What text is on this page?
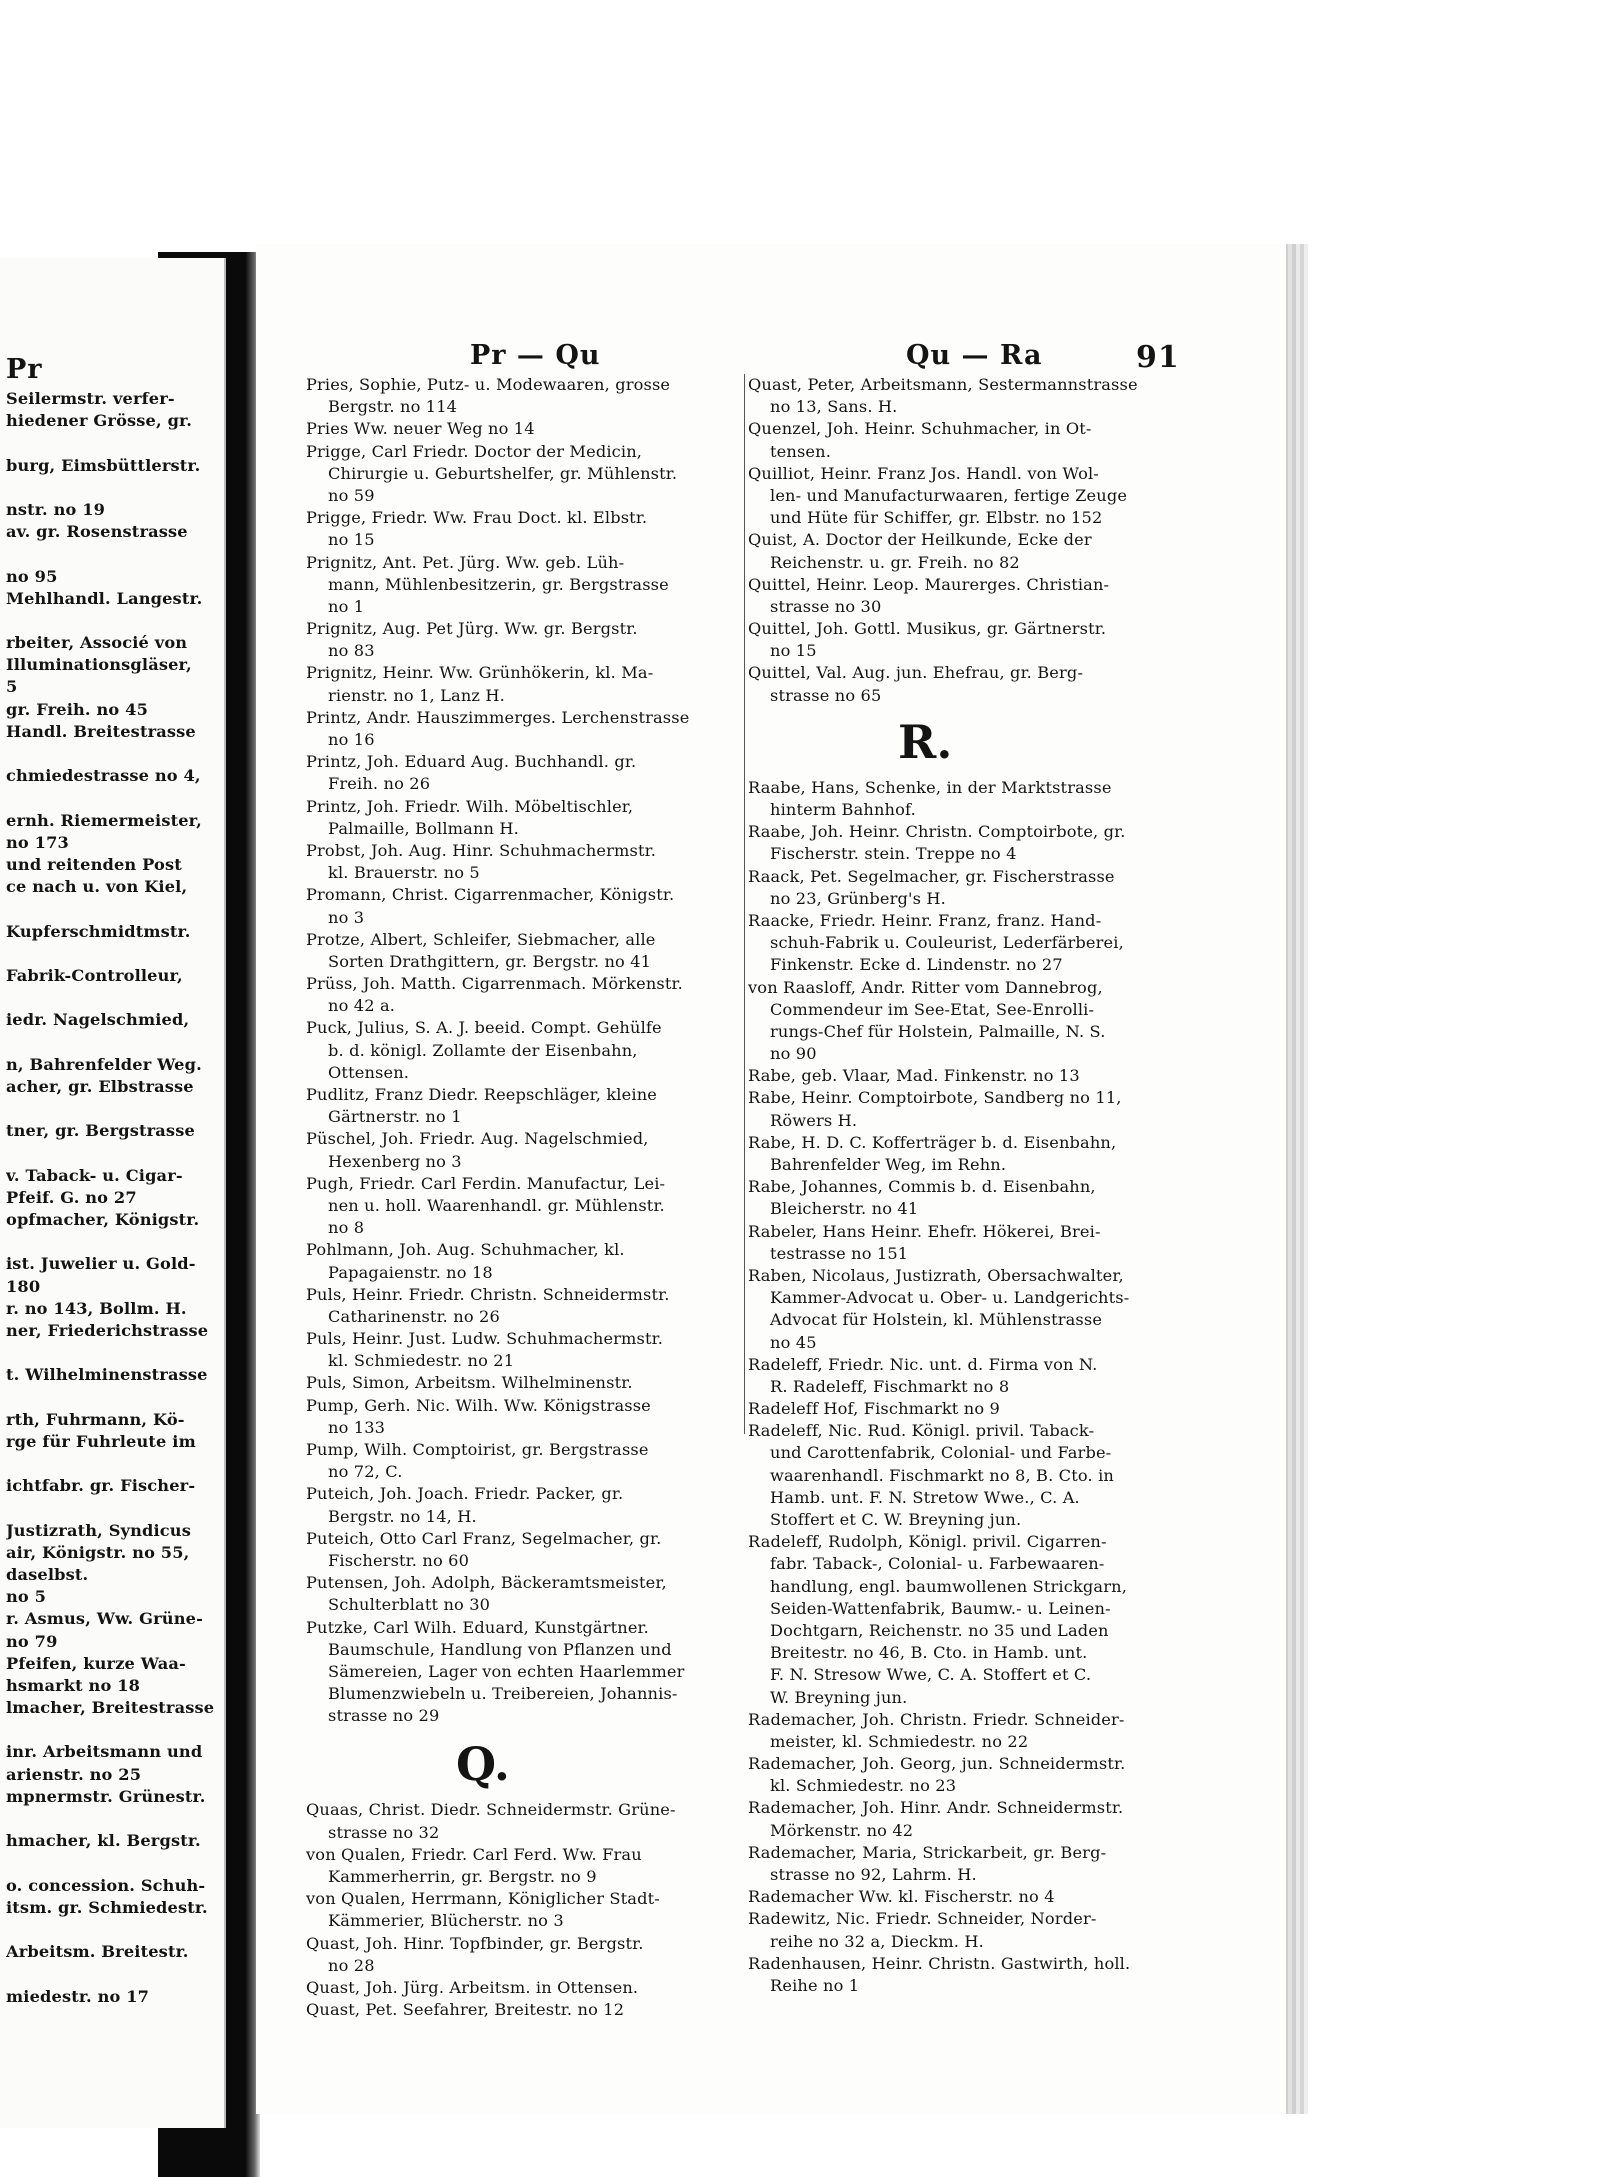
Pr
Seilermstr. verfer-
hiedener Grösse, gr.

burg, Eimsbüttlerstr.

nstr. no 19
av. gr. Rosenstrasse

no 95
Mehlhandl. Langestr.

rbeiter, Associé von
Illuminationsgläser,
5
gr. Freih. no 45
Handl. Breitestrasse

chmiedestrasse no 4,

ernh. Riemermeister,
no 173
und reitenden Post
ce nach u. von Kiel,

Kupferschmidtmstr.

Fabrik-Controlleur,

iedr. Nagelschmied,

n, Bahrenfelder Weg.
acher, gr. Elbstrasse

tner, gr. Bergstrasse

v. Taback- u. Cigar-
Pfeif. G. no 27
opfmacher, Königstr.

ist. Juwelier u. Gold-
180
r. no 143, Bollm. H.
ner, Friederichstrasse

t. Wilhelminenstrasse

rth, Fuhrmann, Kö-
rge für Fuhrleute im

ichtfabr. gr. Fischer-

Justizrath, Syndicus
air, Königstr. no 55,
daselbst.
no 5
r. Asmus, Ww. Grüne-
no 79
Pfeifen, kurze Waa-
hsmarkt no 18
lmacher, Breitestrasse

inr. Arbeitsmann und
arienstr. no 25
mpnermstr. Grünestr.

hmacher, kl. Bergstr.

o. concession. Schuh-
itsm. gr. Schmiedestr.

Arbeitsm. Breitestr.

miedestr. no 17
Pr — Qu	Qu — Ra	91
Pries, Sophie, Putz- u. Modewaaren, grosse
Bergstr. no 114
Pries Ww. neuer Weg no 14
Prigge, Carl Friedr. Doctor der Medicin,
Chirurgie u. Geburtshelfer, gr. Mühlenstr.
no 59
Prigge, Friedr. Ww. Frau Doct. kl. Elbstr.
no 15
Prignitz, Ant. Pet. Jürg. Ww. geb. Lüh-
mann, Mühlenbesitzerin, gr. Bergstrasse
no 1
Prignitz, Aug. Pet Jürg. Ww. gr. Bergstr.
no 83
Prignitz, Heinr. Ww. Grünhökerin, kl. Ma-
rienstr. no 1, Lanz H.
Printz, Andr. Hauszimmerges. Lerchenstrasse
no 16
Printz, Joh. Eduard Aug. Buchhandl. gr.
Freih. no 26
Printz, Joh. Friedr. Wilh. Möbeltischler,
Palmaille, Bollmann H.
Probst, Joh. Aug. Hinr. Schuhmachermstr.
kl. Brauerstr. no 5
Promann, Christ. Cigarrenmacher, Königstr.
no 3
Protze, Albert, Schleifer, Siebmacher, alle
Sorten Drathgittern, gr. Bergstr. no 41
Prüss, Joh. Matth. Cigarrenmach. Mörkenstr.
no 42 a.
Puck, Julius, S. A. J. beeid. Compt. Gehülfe
b. d. königl. Zollamte der Eisenbahn,
Ottensen.
Pudlitz, Franz Diedr. Reepschläger, kleine
Gärtnerstr. no 1
Püschel, Joh. Friedr. Aug. Nagelschmied,
Hexenberg no 3
Pugh, Friedr. Carl Ferdin. Manufactur, Lei-
nen u. holl. Waarenhandl. gr. Mühlenstr.
no 8
Pohlmann, Joh. Aug. Schuhmacher, kl.
Papagaienstr. no 18
Puls, Heinr. Friedr. Christn. Schneidermstr.
Catharinenstr. no 26
Puls, Heinr. Just. Ludw. Schuhmachermstr.
kl. Schmiedestr. no 21
Puls, Simon, Arbeitsm. Wilhelminenstr.
Pump, Gerh. Nic. Wilh. Ww. Königstrasse
no 133
Pump, Wilh. Comptoirist, gr. Bergstrasse
no 72, C.
Puteich, Joh. Joach. Friedr. Packer, gr.
Bergstr. no 14, H.
Puteich, Otto Carl Franz, Segelmacher, gr.
Fischerstr. no 60
Putensen, Joh. Adolph, Bäckeramtsmeister,
Schulterblatt no 30
Putzke, Carl Wilh. Eduard, Kunstgärtner.
Baumschule, Handlung von Pflanzen und
Sämereien, Lager von echten Haarlemmer
Blumenzwiebeln u. Treibereien, Johannis-
strasse no 29
Q.
Quaas, Christ. Diedr. Schneidermstr. Grüne-
strasse no 32
von Qualen, Friedr. Carl Ferd. Ww. Frau
Kammerherrin, gr. Bergstr. no 9
von Qualen, Herrmann, Königlicher Stadt-
Kämmerier, Blücherstr. no 3
Quast, Joh. Hinr. Topfbinder, gr. Bergstr.
no 28
Quast, Joh. Jürg. Arbeitsm. in Ottensen.
Quast, Pet. Seefahrer, Breitestr. no 12
Quast, Peter, Arbeitsmann, Sestermannstrasse
no 13, Sans. H.
Quenzel, Joh. Heinr. Schuhmacher, in Ot-
tensen.
Quilliot, Heinr. Franz Jos. Handl. von Wol-
len- und Manufacturwaaren, fertige Zeuge
und Hüte für Schiffer, gr. Elbstr. no 152
Quist, A. Doctor der Heilkunde, Ecke der
Reichenstr. u. gr. Freih. no 82
Quittel, Heinr. Leop. Maurerges. Christian-
strasse no 30
Quittel, Joh. Gottl. Musikus, gr. Gärtnerstr.
no 15
Quittel, Val. Aug. jun. Ehefrau, gr. Berg-
strasse no 65
R.
Raabe, Hans, Schenke, in der Marktstrasse
hinterm Bahnhof.
Raabe, Joh. Heinr. Christn. Comptoirbote, gr.
Fischerstr. stein. Treppe no 4
Raack, Pet. Segelmacher, gr. Fischerstrasse
no 23, Grünberg's H.
Raacke, Friedr. Heinr. Franz, franz. Hand-
schuh-Fabrik u. Couleurist, Lederfärberei,
Finkenstr. Ecke d. Lindenstr. no 27
von Raasloff, Andr. Ritter vom Dannebrog,
Commendeur im See-Etat, See-Enrolli-
rungs-Chef für Holstein, Palmaille, N. S.
no 90
Rabe, geb. Vlaar, Mad. Finkenstr. no 13
Rabe, Heinr. Comptoirbote, Sandberg no 11,
Röwers H.
Rabe, H. D. C. Kofferträger b. d. Eisenbahn,
Bahrenfelder Weg, im Rehn.
Rabe, Johannes, Commis b. d. Eisenbahn,
Bleicherstr. no 41
Rabeler, Hans Heinr. Ehefr. Hökerei, Brei-
testrasse no 151
Raben, Nicolaus, Justizrath, Obersachwalter,
Kammer-Advocat u. Ober- u. Landgerichts-
Advocat für Holstein, kl. Mühlenstrasse
no 45
Radeleff, Friedr. Nic. unt. d. Firma von N.
R. Radeleff, Fischmarkt no 8
Radeleff Hof, Fischmarkt no 9
Radeleff, Nic. Rud. Königl. privil. Taback-
und Carottenfabrik, Colonial- und Farbe-
waarenhandl. Fischmarkt no 8, B. Cto. in
Hamb. unt. F. N. Stretow Wwe., C. A.
Stoffert et C. W. Breyning jun.
Radeleff, Rudolph, Königl. privil. Cigarren-
fabr. Taback-, Colonial- u. Farbewaaren-
handlung, engl. baumwollenen Strickgarn,
Seiden-Wattenfabrik, Baumw.- u. Leinen-
Dochtgarn, Reichenstr. no 35 und Laden
Breitestr. no 46, B. Cto. in Hamb. unt.
F. N. Stresow Wwe, C. A. Stoffert et C.
W. Breyning jun.
Rademacher, Joh. Christn. Friedr. Schneider-
meister, kl. Schmiedestr. no 22
Rademacher, Joh. Georg, jun. Schneidermstr.
kl. Schmiedestr. no 23
Rademacher, Joh. Hinr. Andr. Schneidermstr.
Mörkenstr. no 42
Rademacher, Maria, Strickarbeit, gr. Berg-
strasse no 92, Lahrm. H.
Rademacher Ww. kl. Fischerstr. no 4
Radewitz, Nic. Friedr. Schneider, Norder-
reihe no 32 a, Dieckm. H.
Radenhausen, Heinr. Christn. Gastwirth, holl.
Reihe no 1
